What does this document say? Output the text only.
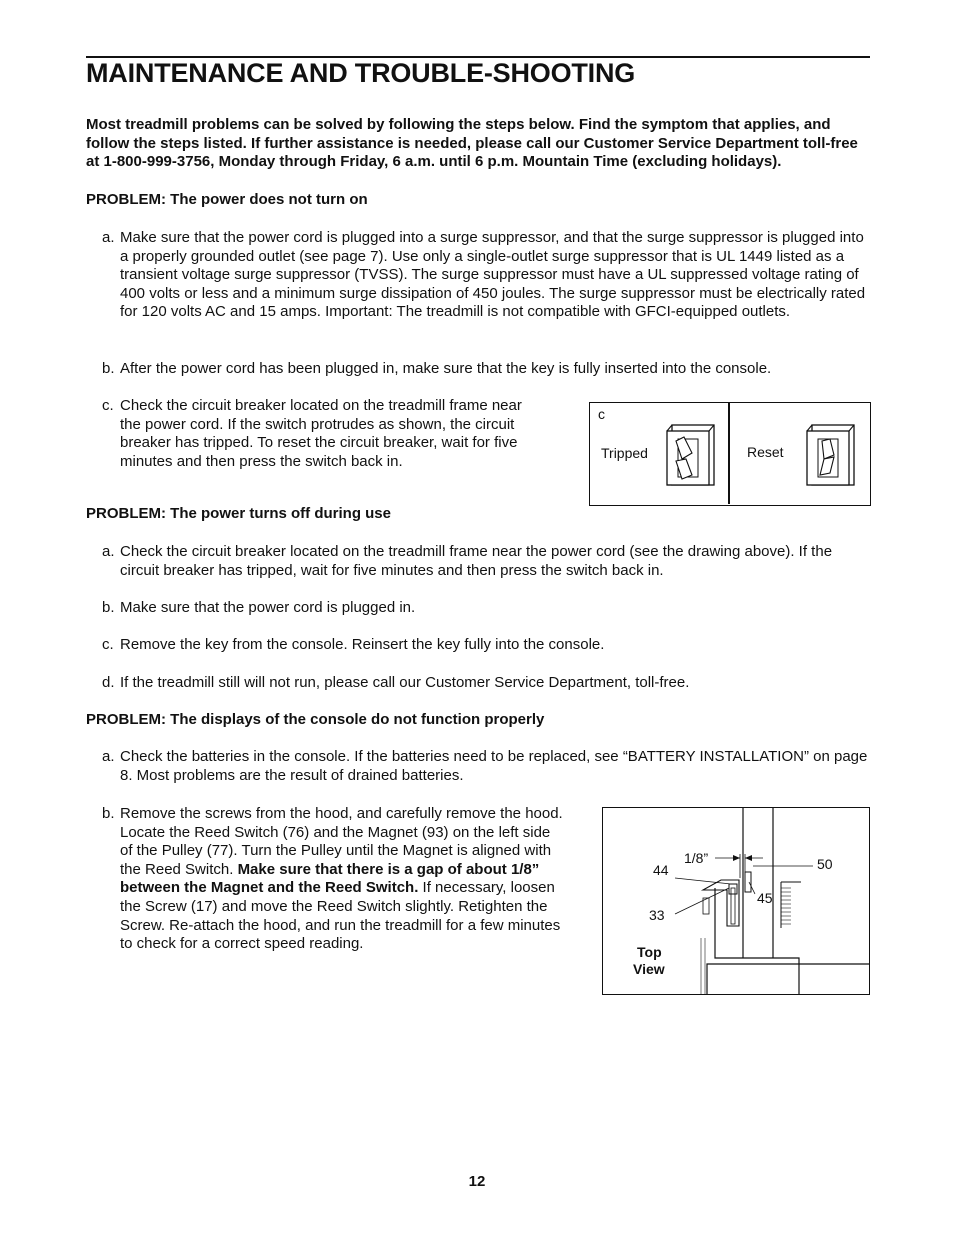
MAINTENANCE AND TROUBLE-SHOOTING

Most treadmill problems can be solved by following the steps below. Find the symptom that applies, and follow the steps listed. If further assistance is needed, please call our Customer Service Department toll-free at 1-800-999-3756, Monday through Friday, 6 a.m. until 6 p.m. Mountain Time (excluding holidays).

PROBLEM: The power does not turn on

a. Make sure that the power cord is plugged into a surge suppressor, and that the surge suppressor is plugged into a properly grounded outlet (see page 7). Use only a single-outlet surge suppressor that is UL 1449 listed as a transient voltage surge suppressor (TVSS). The surge suppressor must have a UL suppressed voltage rating of 400 volts or less and a minimum surge dissipation of 450 joules. The surge suppressor must be electrically rated for 120 volts AC and 15 amps. Important: The treadmill is not compatible with GFCI-equipped outlets.
b. After the power cord has been plugged in, make sure that the key is fully inserted into the console.
c. Check the circuit breaker located on the treadmill frame near the power cord. If the switch protrudes as shown, the circuit breaker has tripped. To reset the circuit breaker, wait for five minutes and then press the switch back in.
c
Tripped	Reset

PROBLEM: The power turns off during use

a. Check the circuit breaker located on the treadmill frame near the power cord (see the drawing above). If the circuit breaker has tripped, wait for five minutes and then press the switch back in.
b. Make sure that the power cord is plugged in.
c. Remove the key from the console. Reinsert the key fully into the console.
d. If the treadmill still will not run, please call our Customer Service Department, toll-free.

PROBLEM: The displays of the console do not function properly

a. Check the batteries in the console. If the batteries need to be replaced, see “BATTERY INSTALLATION” on page 8. Most problems are the result of drained batteries.
b. Remove the screws from the hood, and carefully remove the hood. Locate the Reed Switch (76) and the Magnet (93) on the left side of the Pulley (77). Turn the Pulley until the Magnet is aligned with the Reed Switch. Make sure that there is a gap of about 1/8” between the Magnet and the Reed Switch. If necessary, loosen the Screw (17) and move the Reed Switch slightly. Retighten the Screw. Re-attach the hood, and run the treadmill for a few minutes to check for a correct speed reading.
1/8”
44	50
45
33
Top
View
12
